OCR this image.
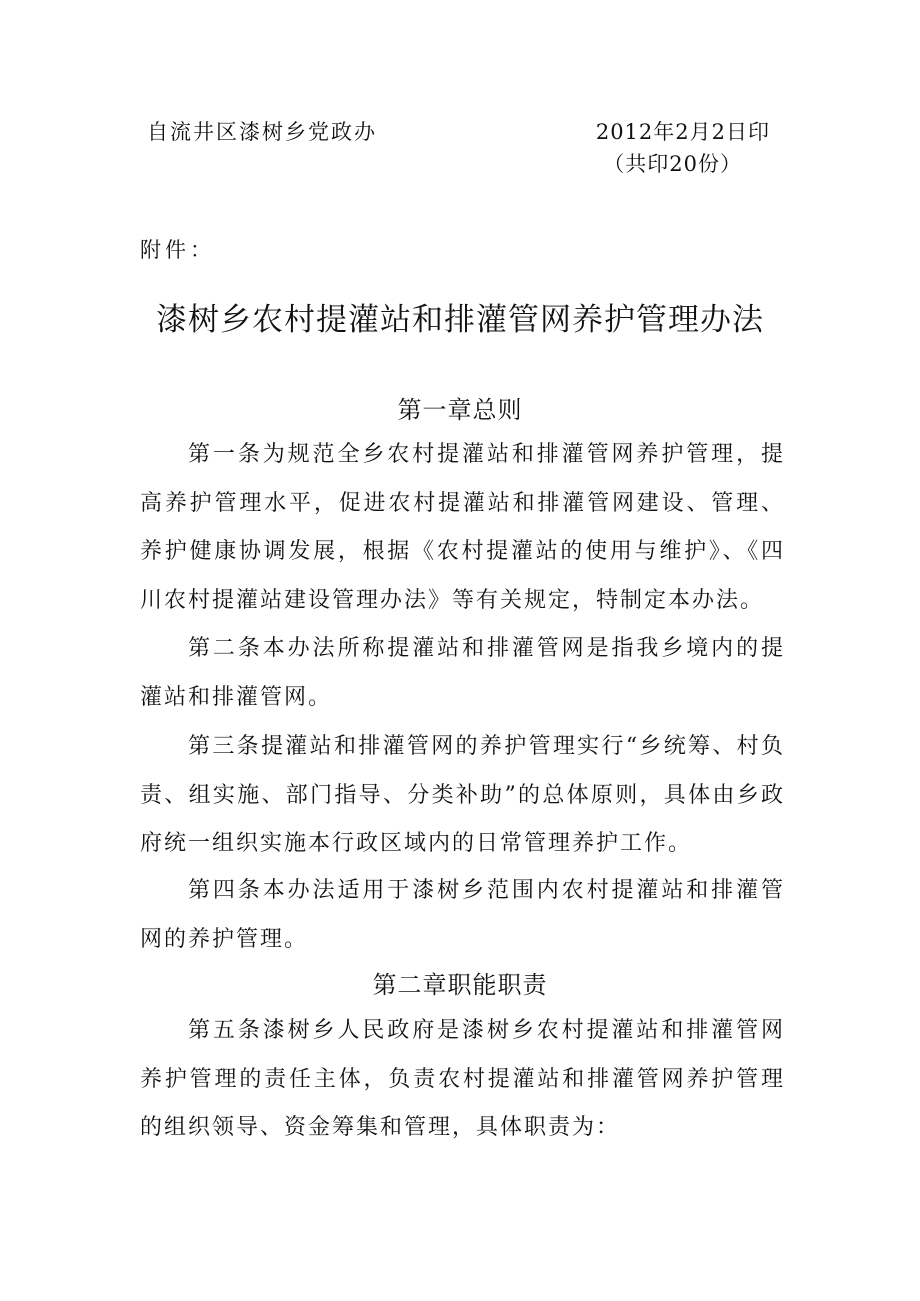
自流井区漆树乡党政办	2012年2月2日印
（共印20份）
附件：
漆树乡农村提灌站和排灌管网养护管理办法
第一章总则

第一条为规范全乡农村提灌站和排灌管网养护管理，提高养护管理水平，促进农村提灌站和排灌管网建设、管理、养护健康协调发展，根据《农村提灌站的使用与维护》、《四川农村提灌站建设管理办法》等有关规定，特制定本办法。

第二条本办法所称提灌站和排灌管网是指我乡境内的提灌站和排灌管网。

第三条提灌站和排灌管网的养护管理实行“乡统筹、村负责、组实施、部门指导、分类补助”的总体原则，具体由乡政府统一组织实施本行政区域内的日常管理养护工作。

第四条本办法适用于漆树乡范围内农村提灌站和排灌管网的养护管理。

第二章职能职责

第五条漆树乡人民政府是漆树乡农村提灌站和排灌管网养护管理的责任主体，负责农村提灌站和排灌管网养护管理的组织领导、资金筹集和管理，具体职责为：
